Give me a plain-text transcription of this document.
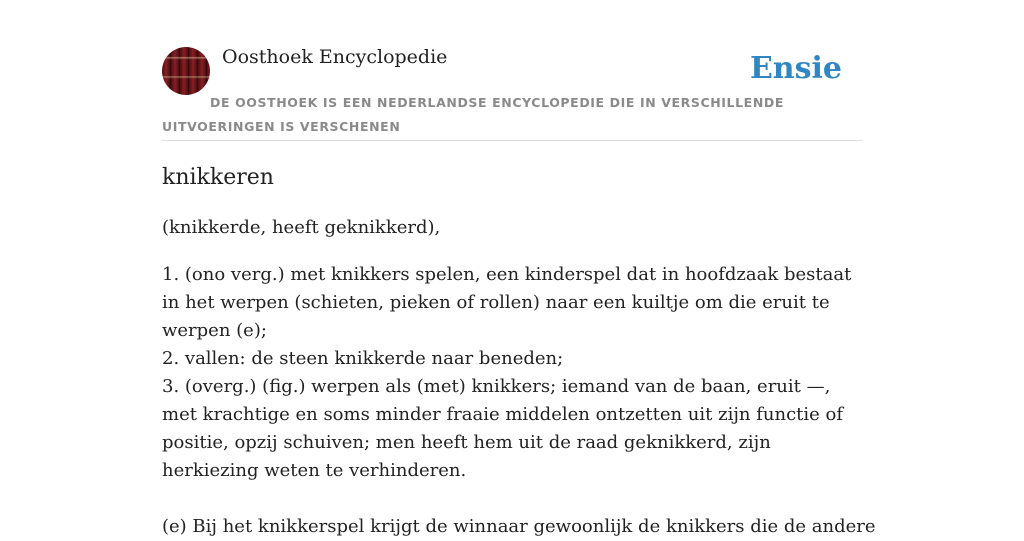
Oosthoek Encyclopedie	Ensie

DE OOSTHOEK IS EEN NEDERLANDSE ENCYCLOPEDIE DIE IN VERSCHILLENDE UITVOERINGEN IS VERSCHENEN

knikkeren

(knikkerde, heeft geknikkerd),

1. (ono verg.) met knikkers spelen, een kinderspel dat in hoofdzaak bestaat in het werpen (schieten, pieken of rollen) naar een kuiltje om die eruit te werpen (e);
2. vallen: de steen knikkerde naar beneden;
3. (overg.) (fig.) werpen als (met) knikkers; iemand van de baan, eruit —, met krachtige en soms minder fraaie middelen ontzetten uit zijn functie of positie, opzij schuiven; men heeft hem uit de raad geknikkerd, zijn herkiezing weten te verhinderen.

(e) Bij het knikkerspel krijgt de winnaar gewoonlijk de knikkers die de andere
